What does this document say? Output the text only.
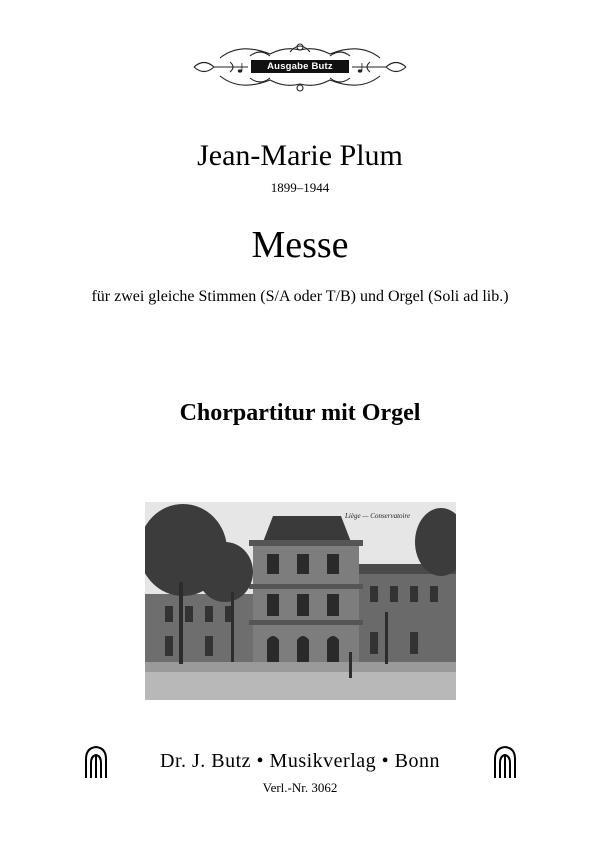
Ausgabe Butz
Jean-Marie Plum
1899–1944
Messe
für zwei gleiche Stimmen (S/A oder T/B) und Orgel (Soli ad lib.)
Chorpartitur mit Orgel
Liège — Conservatoire
Dr. J. Butz • Musikverlag • Bonn
Verl.-Nr. 3062
